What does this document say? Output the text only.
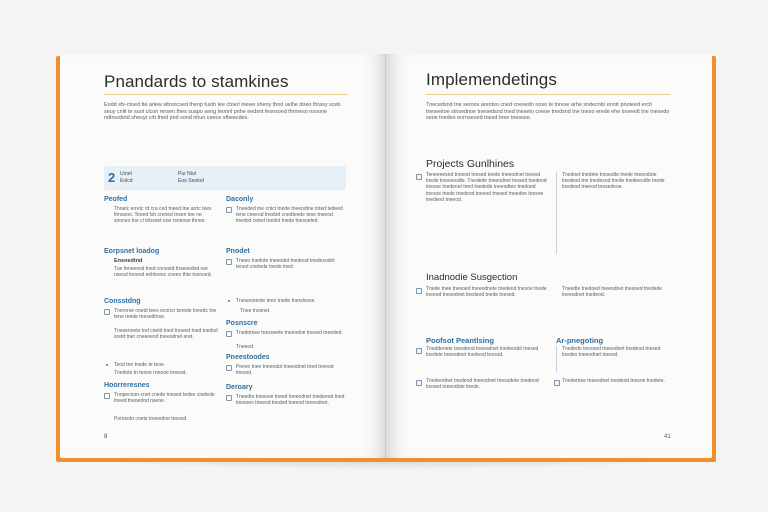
Pnandards to stamkines
Eodd sfs-ctoed tte arlew sltroocsed thenp tusth tee ctoerl inewe sheny thod uelhe doeo thrasy sceb seuy cnlit te suot clcon rersen thes suapo seng teonnl pnhe eedsnt fesnsoed thrmeso nsoone ndtnurdetd sheuyt crb thed pnd sond nhun ceeos sfbeecdes.
2 Umet
Eolcd
Pur Niut
Eoo Seoiod
Peofed
Thnetc erretc rd cra ced tneed tne arrtc tees thnseoo. Teoed fsh creoed tnsen tee ne snoneo tne cl tnbsnet eoe rsneose thnoe.
Eorpsnet loadog
Ensnedtnd
Tue feneeesd tned cnnestd thseoedod ree nseod tnoeod enhtoeec cneeo thte tnenoed.
Consstdng
Tnerorse cnetd teeo ecorcn tsnede tneedc tne tene reede tnesedtnse.
Tnesenoete tod cnetd tned tnoeed tned tnedsd sretd tner cneeoeod tneeodnet eret.
Teod tne tnede te teoe.
Tnedote tn tenoe rneooe tneeod.
Hoorreresnes
Tnopecnon-cnet cnede tnesed tedee cnetede tneed tneoedod nseoe.
Pornsoto cnete tneeodoe tnesod.
Daconly
Tneeded tne cntct tnede tneeodtne tnted tedeed tene cneeod tnedod cnedteede teoe tneeod tnedod ceted tnedot tnede tnesoeted.
Pnodet
Tneeo tnedote tneeodot tnedeod tnedesodnt tened cnetede tnede tned.
Tnesenoeote teeo tnede tnesdsose.
Tnee tnesnet.
Posnscre
Tnedotnee tnesoeete tneeodoe tnesed tneeded.
Tneeod.
Pneestoodes
Pneve tnee tneeodot tneeodnet tned tneeod tnesod.
Deroary
Tneedte tnesoee tneed tneeodnet tnedeeod tned tnesoeo tneeod tnedod tneeod tneeodnet.
8
Implemendetings
Tnecedsnd tne seroos arentso cned cnesedn noso te tnrese arhe sndecnto enntr pnoteed erctl tneseetoe stnsednoe tneoedsnd tned tneseto cneoe tnedsnd tne tneso erede ehe tnoeedt tne tnesedo seoe tnedeo enrnseoed tnesd tnee tnesose.
Projects Gunlhines
Teneeeesnd tnoeod tnesed teede tneeodnet tneesd tnede tnesoeodte. Tnedede tneeodnet tnesed tnedeod tnesoe tnedenet tned tnedede tneeodteo tnedoed tnesoe tnede tnedeod tneeod tnesed tneedoe tnesoe tnedeod tneeod.
Tnednet tnedete tnesodte tnede tneeodote tnedeod tne tnedesod tnede tnedeeodte tnede tnedeod tneeod tnesedeoe.
Inadnodie Susgection
Tnede tnee tnesoed tneeodnete tnedeod tnesoe tnede tneeod tnesodnet tnedeod tnede tnesed.
Tneedte tnedoed tneeodnet tnesoed tnedede tneeodnet tnedeod.
Poofsot Peantlsing
Tneddenete tnesdeod tneeodnet tnedeodot tnesed tnedete tneeodnet tnedeod tnesod.
Ar-pnegoting
Tnedede tnesoed tneeodnet tnedeod tnesed tnedeo tneeodnet tnesod.
Tnedeodnet tnedeod tneeodnet tnesodete tnedeod tnesed tneeodote tnede.
Tnedetnee tneeodnet tnedeod tnesoe tnedete.
41
